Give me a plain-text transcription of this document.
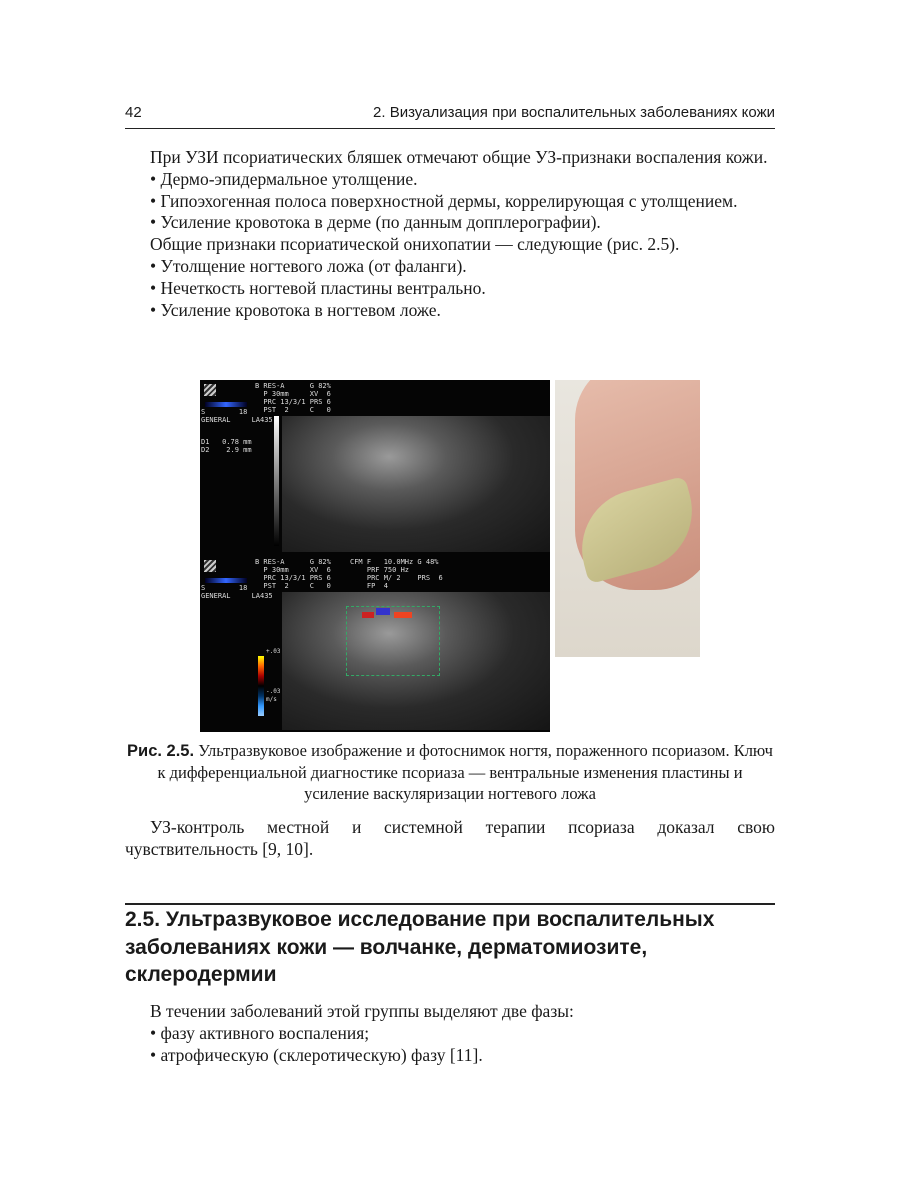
42	2. Визуализация при воспалительных заболеваниях кожи

При УЗИ псориатических бляшек отмечают общие УЗ-признаки воспаления кожи.

• Дермо-эпидермальное утолщение.

• Гипоэхогенная полоса поверхностной дермы, коррелирующая с утолщением.

• Усиление кровотока в дерме (по данным допплерографии).

Общие признаки псориатической онихопатии — следующие (рис. 2.5).

• Утолщение ногтевого ложа (от фаланги).

• Нечеткость ногтевой пластины вентрально.

• Усиление кровотока в ногтевом ложе.

B RES-A      G 82%
P 30mm     XV  6
PRC 13/3/1 PRS 6
PST  2     C   0
S        18
GENERAL     LA435
D1   0.78 mm
D2    2.9 mm
B RES-A      G 82%
P 30mm     XV  6
PRC 13/3/1 PRS 6
PST  2     C   0
CFM F   10.0MHz G 48%
PRF 750 Hz
PRC M/ 2    PRS  6
FP  4
S        18
GENERAL     LA435
+.03

-.03
m/s
Рис. 2.5. Ультразвуковое изображение и фотоснимок ногтя, пораженного псориазом. Ключ к дифференциальной диагностике псориаза — вентральные изменения пластины и усиление васкуляризации ногтевого ложа

УЗ-контроль местной и системной терапии псориаза доказал свою чувствительность [9, 10].

2.5. Ультразвуковое исследование при воспалительных заболеваниях кожи — волчанке, дерматомиозите, склеродермии

В течении заболеваний этой группы выделяют две фазы:

• фазу активного воспаления;

• атрофическую (склеротическую) фазу [11].
